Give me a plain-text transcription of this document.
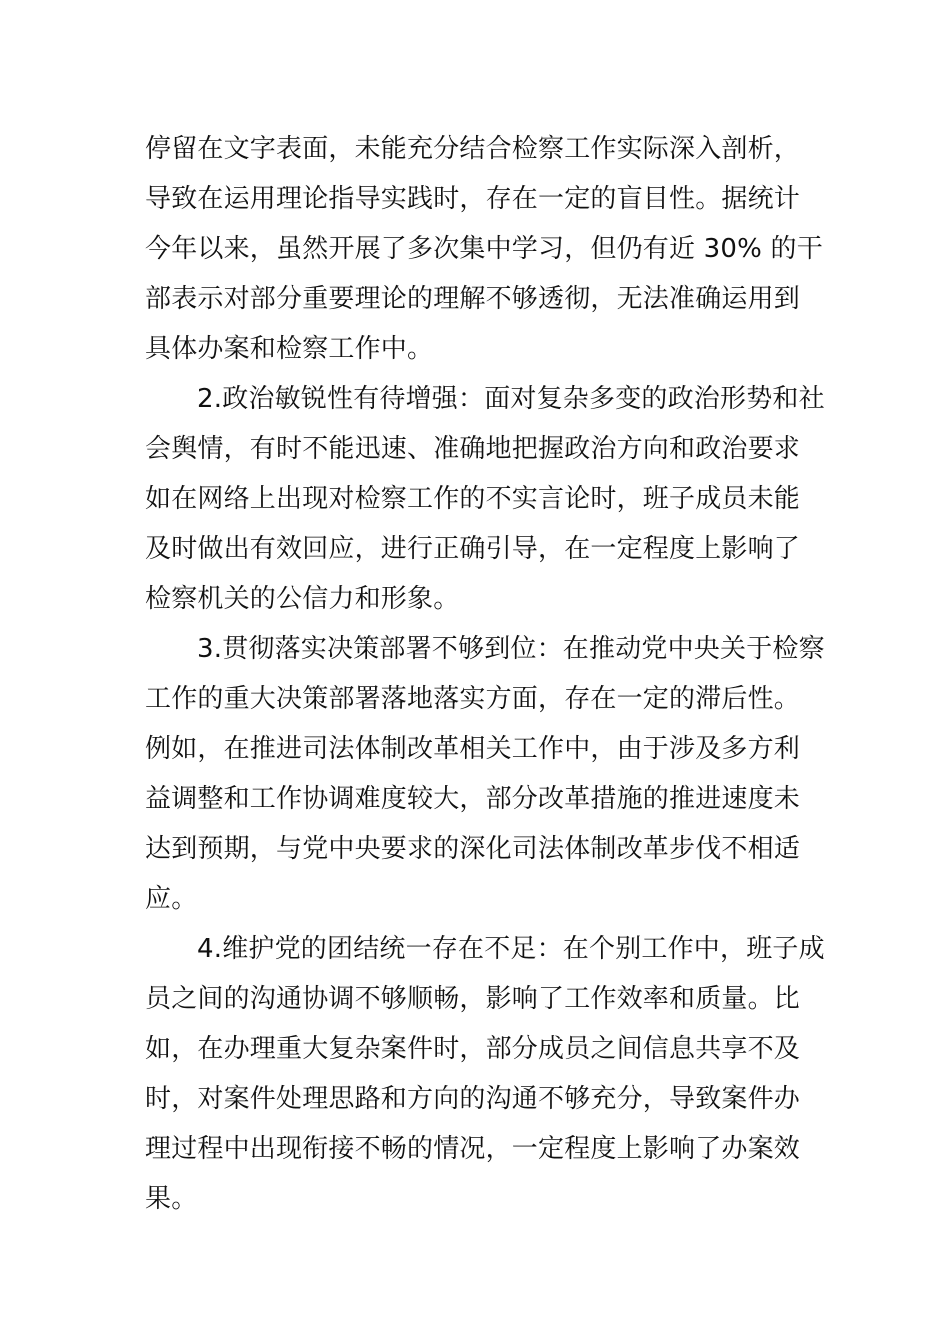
停留在文字表面，未能充分结合检察工作实际深入剖析，
导致在运用理论指导实践时，存在一定的盲目性。据统计
今年以来，虽然开展了多次集中学习，但仍有近 30% 的干
部表示对部分重要理论的理解不够透彻，无法准确运用到
具体办案和检察工作中。
2.政治敏锐性有待增强：面对复杂多变的政治形势和社
会舆情，有时不能迅速、准确地把握政治方向和政治要求
如在网络上出现对检察工作的不实言论时，班子成员未能
及时做出有效回应，进行正确引导，在一定程度上影响了
检察机关的公信力和形象。
3.贯彻落实决策部署不够到位：在推动党中央关于检察
工作的重大决策部署落地落实方面，存在一定的滞后性。
例如，在推进司法体制改革相关工作中，由于涉及多方利
益调整和工作协调难度较大，部分改革措施的推进速度未
达到预期，与党中央要求的深化司法体制改革步伐不相适
应。
4.维护党的团结统一存在不足：在个别工作中，班子成
员之间的沟通协调不够顺畅，影响了工作效率和质量。比
如，在办理重大复杂案件时，部分成员之间信息共享不及
时，对案件处理思路和方向的沟通不够充分，导致案件办
理过程中出现衔接不畅的情况，一定程度上影响了办案效
果。
